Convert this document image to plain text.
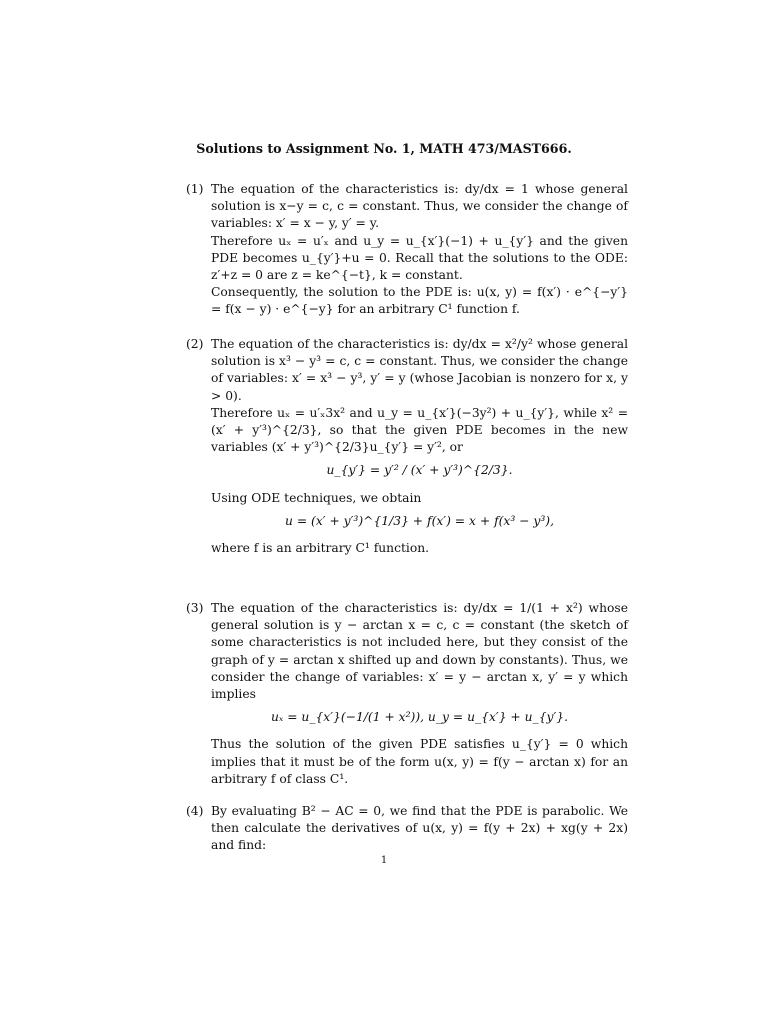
Solutions to Assignment No. 1, MATH 473/MAST666.
(1) The equation of the characteristics is: dy/dx = 1 whose general solution is x−y = c, c = constant. Thus, we consider the change of variables: x′ = x − y, y′ = y.

Therefore uₓ = u′ₓ and u_y = u_{x′}(−1) + u_{y′} and the given PDE becomes u_{y′}+u = 0. Recall that the solutions to the ODE: z′+z = 0 are z = ke^{−t}, k = constant.

Consequently, the solution to the PDE is: u(x, y) = f(x′) · e^{−y′} = f(x − y) · e^{−y} for an arbitrary C¹ function f.

(2) The equation of the characteristics is: dy/dx = x²/y² whose general solution is x³ − y³ = c, c = constant. Thus, we consider the change of variables: x′ = x³ − y³, y′ = y (whose Jacobian is nonzero for x, y > 0).

Therefore uₓ = u′ₓ3x² and u_y = u_{x′}(−3y²) + u_{y′}, while x² = (x′ + y′³)^{2/3}, so that the given PDE becomes in the new variables (x′ + y′³)^{2/3}u_{y′} = y′², or

u_{y′} = y′² / (x′ + y′³)^{2/3}.

Using ODE techniques, we obtain

u = (x′ + y′³)^{1/3} + f(x′) = x + f(x³ − y³),

where f is an arbitrary C¹ function.

(3) The equation of the characteristics is: dy/dx = 1/(1 + x²) whose general solution is y − arctan x = c, c = constant (the sketch of some characteristics is not included here, but they consist of the graph of y = arctan x shifted up and down by constants). Thus, we consider the change of variables: x′ = y − arctan x, y′ = y which implies

uₓ = u_{x′}(−1/(1 + x²)), u_y = u_{x′} + u_{y′}.

Thus the solution of the given PDE satisfies u_{y′} = 0 which implies that it must be of the form u(x, y) = f(y − arctan x) for an arbitrary f of class C¹.

(4) By evaluating B² − AC = 0, we find that the PDE is parabolic. We then calculate the derivatives of u(x, y) = f(y + 2x) + xg(y + 2x) and find:

1
